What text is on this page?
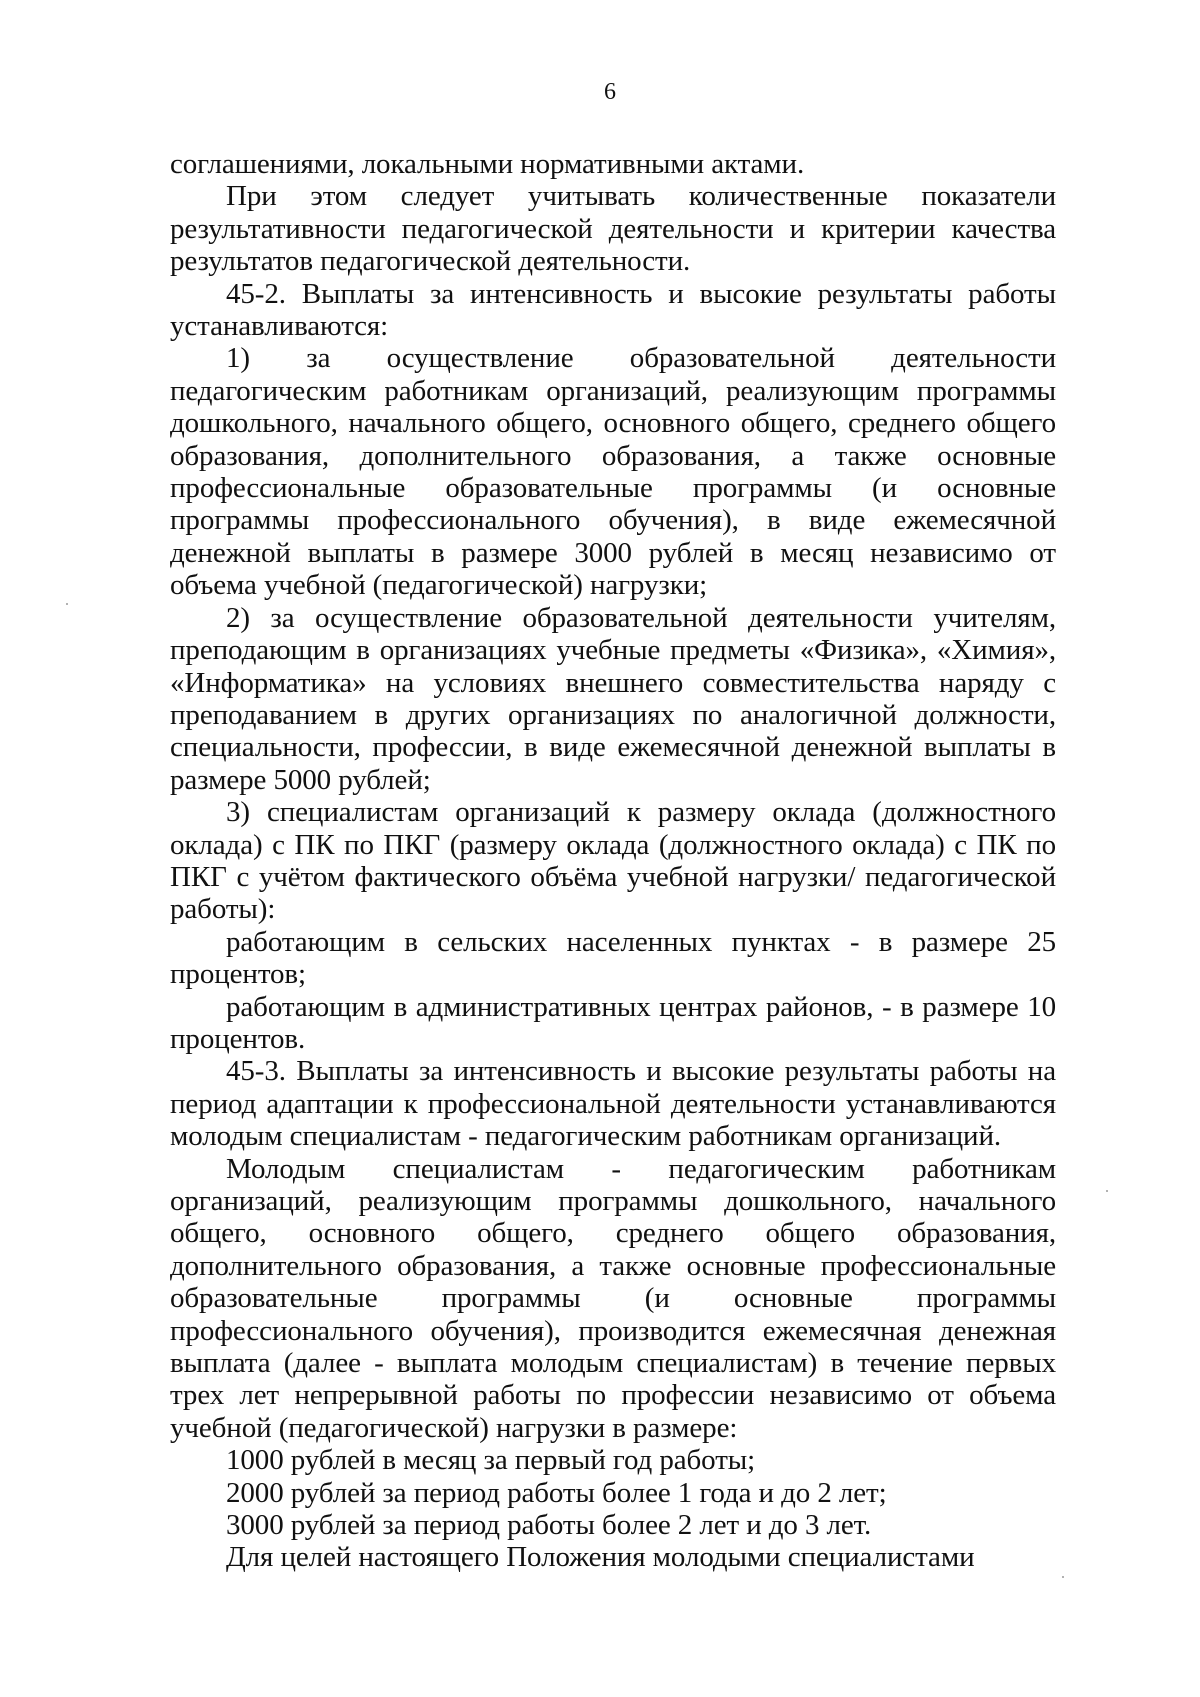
6

соглашениями, локальными нормативными актами.

При этом следует учитывать количественные показатели результативности педагогической деятельности и критерии качества результатов педагогической деятельности.

45-2. Выплаты за интенсивность и высокие результаты работы устанавливаются:

1) за осуществление образовательной деятельности педагогическим работникам организаций, реализующим программы дошкольного, начального общего, основного общего, среднего общего образования, дополнительного образования, а также основные профессиональные образовательные программы (и основные программы профессионального обучения), в виде ежемесячной денежной выплаты в размере 3000 рублей в месяц независимо от объема учебной (педагогической) нагрузки;

2) за осуществление образовательной деятельности учителям, преподающим в организациях учебные предметы «Физика», «Химия», «Информатика» на условиях внешнего совместительства наряду с преподаванием в других организациях по аналогичной должности, специальности, профессии, в виде ежемесячной денежной выплаты в размере 5000 рублей;

3) специалистам организаций к размеру оклада (должностного оклада) с ПК по ПКГ (размеру оклада (должностного оклада) с ПК по ПКГ с учётом фактического объёма учебной нагрузки/ педагогической работы):

работающим в сельских населенных пунктах - в размере 25 процентов;

работающим в административных центрах районов, - в размере 10 процентов.

45-3. Выплаты за интенсивность и высокие результаты работы на период адаптации к профессиональной деятельности устанавливаются молодым специалистам - педагогическим работникам организаций.

Молодым специалистам - педагогическим работникам организаций, реализующим программы дошкольного, начального общего, основного общего, среднего общего образования, дополнительного образования, а также основные профессиональные образовательные программы (и основные программы профессионального обучения), производится ежемесячная денежная выплата (далее - выплата молодым специалистам) в течение первых трех лет непрерывной работы по профессии независимо от объема учебной (педагогической) нагрузки в размере:

1000 рублей в месяц за первый год работы;

2000 рублей за период работы более 1 года и до 2 лет;

3000 рублей за период работы более 2 лет и до 3 лет.

Для целей настоящего Положения молодыми специалистами
